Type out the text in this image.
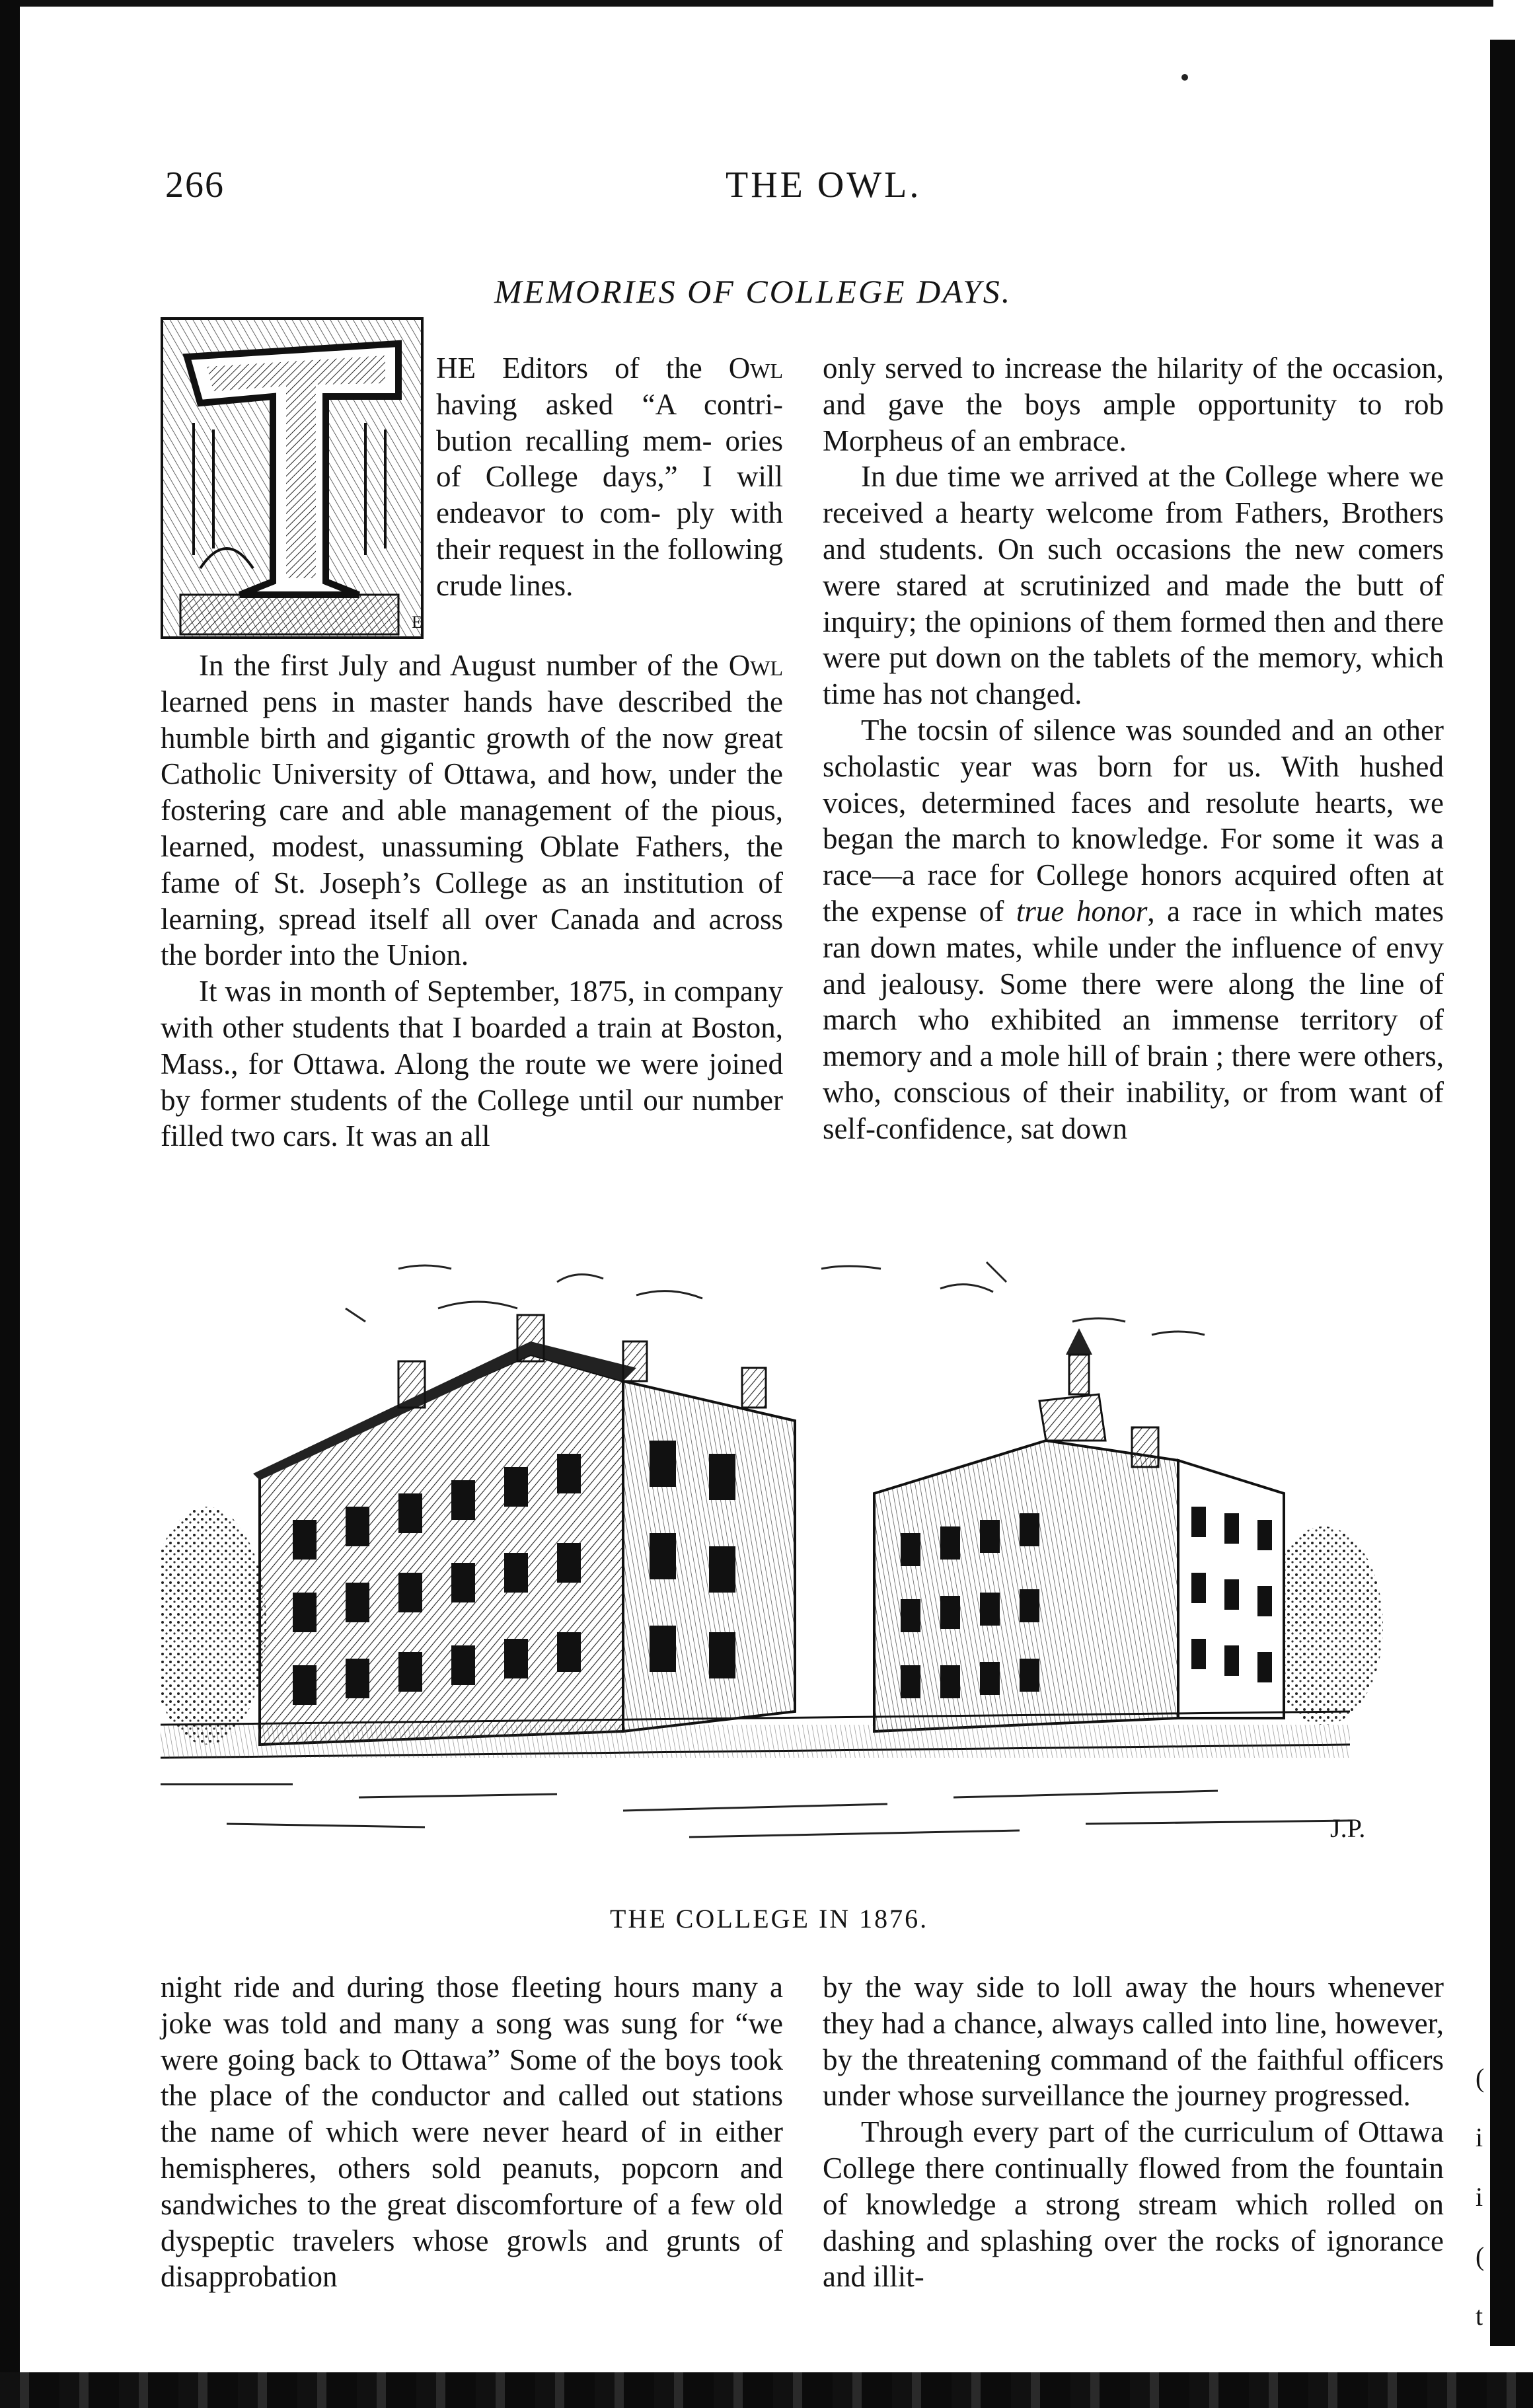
266	THE OWL.
MEMORIES OF COLLEGE DAYS.
E

HE Editors of the Owl having asked “A contri- bution recalling mem- ories of College days,” I will endeavor to com- ply with their request in the following crude lines.

In the first July and August number of the Owl learned pens in master hands have described the humble birth and gigantic growth of the now great Catholic University of Ottawa, and how, under the fostering care and able management of the pious, learned, modest, unassuming Oblate Fathers, the fame of St. Joseph’s College as an institution of learning, spread itself all over Canada and across the border into the Union.

It was in month of September, 1875, in company with other students that I boarded a train at Boston, Mass., for Ottawa. Along the route we were joined by former students of the College until our number filled two cars. It was an all

only served to increase the hilarity of the occasion, and gave the boys ample opportunity to rob Morpheus of an embrace.

In due time we arrived at the College where we received a hearty welcome from Fathers, Brothers and students. On such occasions the new comers were stared at scrutinized and made the butt of inquiry; the opinions of them formed then and there were put down on the tablets of the memory, which time has not changed.

The tocsin of silence was sounded and an other scholastic year was born for us. With hushed voices, determined faces and resolute hearts, we began the march to knowledge. For some it was a race—a race for College honors acquired often at the expense of true honor, a race in which mates ran down mates, while under the influence of envy and jealousy. Some there were along the line of march who exhibited an immense territory of memory and a mole hill of brain ; there were others, who, conscious of their inability, or from want of self-confidence, sat down

J.P.
THE COLLEGE IN 1876.

night ride and during those fleeting hours many a joke was told and many a song was sung for “we were going back to Ottawa” Some of the boys took the place of the conductor and called out stations the name of which were never heard of in either hemispheres, others sold peanuts, popcorn and sandwiches to the great discomforture of a few old dyspeptic travelers whose growls and grunts of disapprobation

by the way side to loll away the hours whenever they had a chance, always called into line, however, by the threatening command of the faithful officers under whose surveillance the journey progressed.

Through every part of the curriculum of Ottawa College there continually flowed from the fountain of knowledge a strong stream which rolled on dashing and splashing over the rocks of ignorance and illit-

(
i
i
(
t
